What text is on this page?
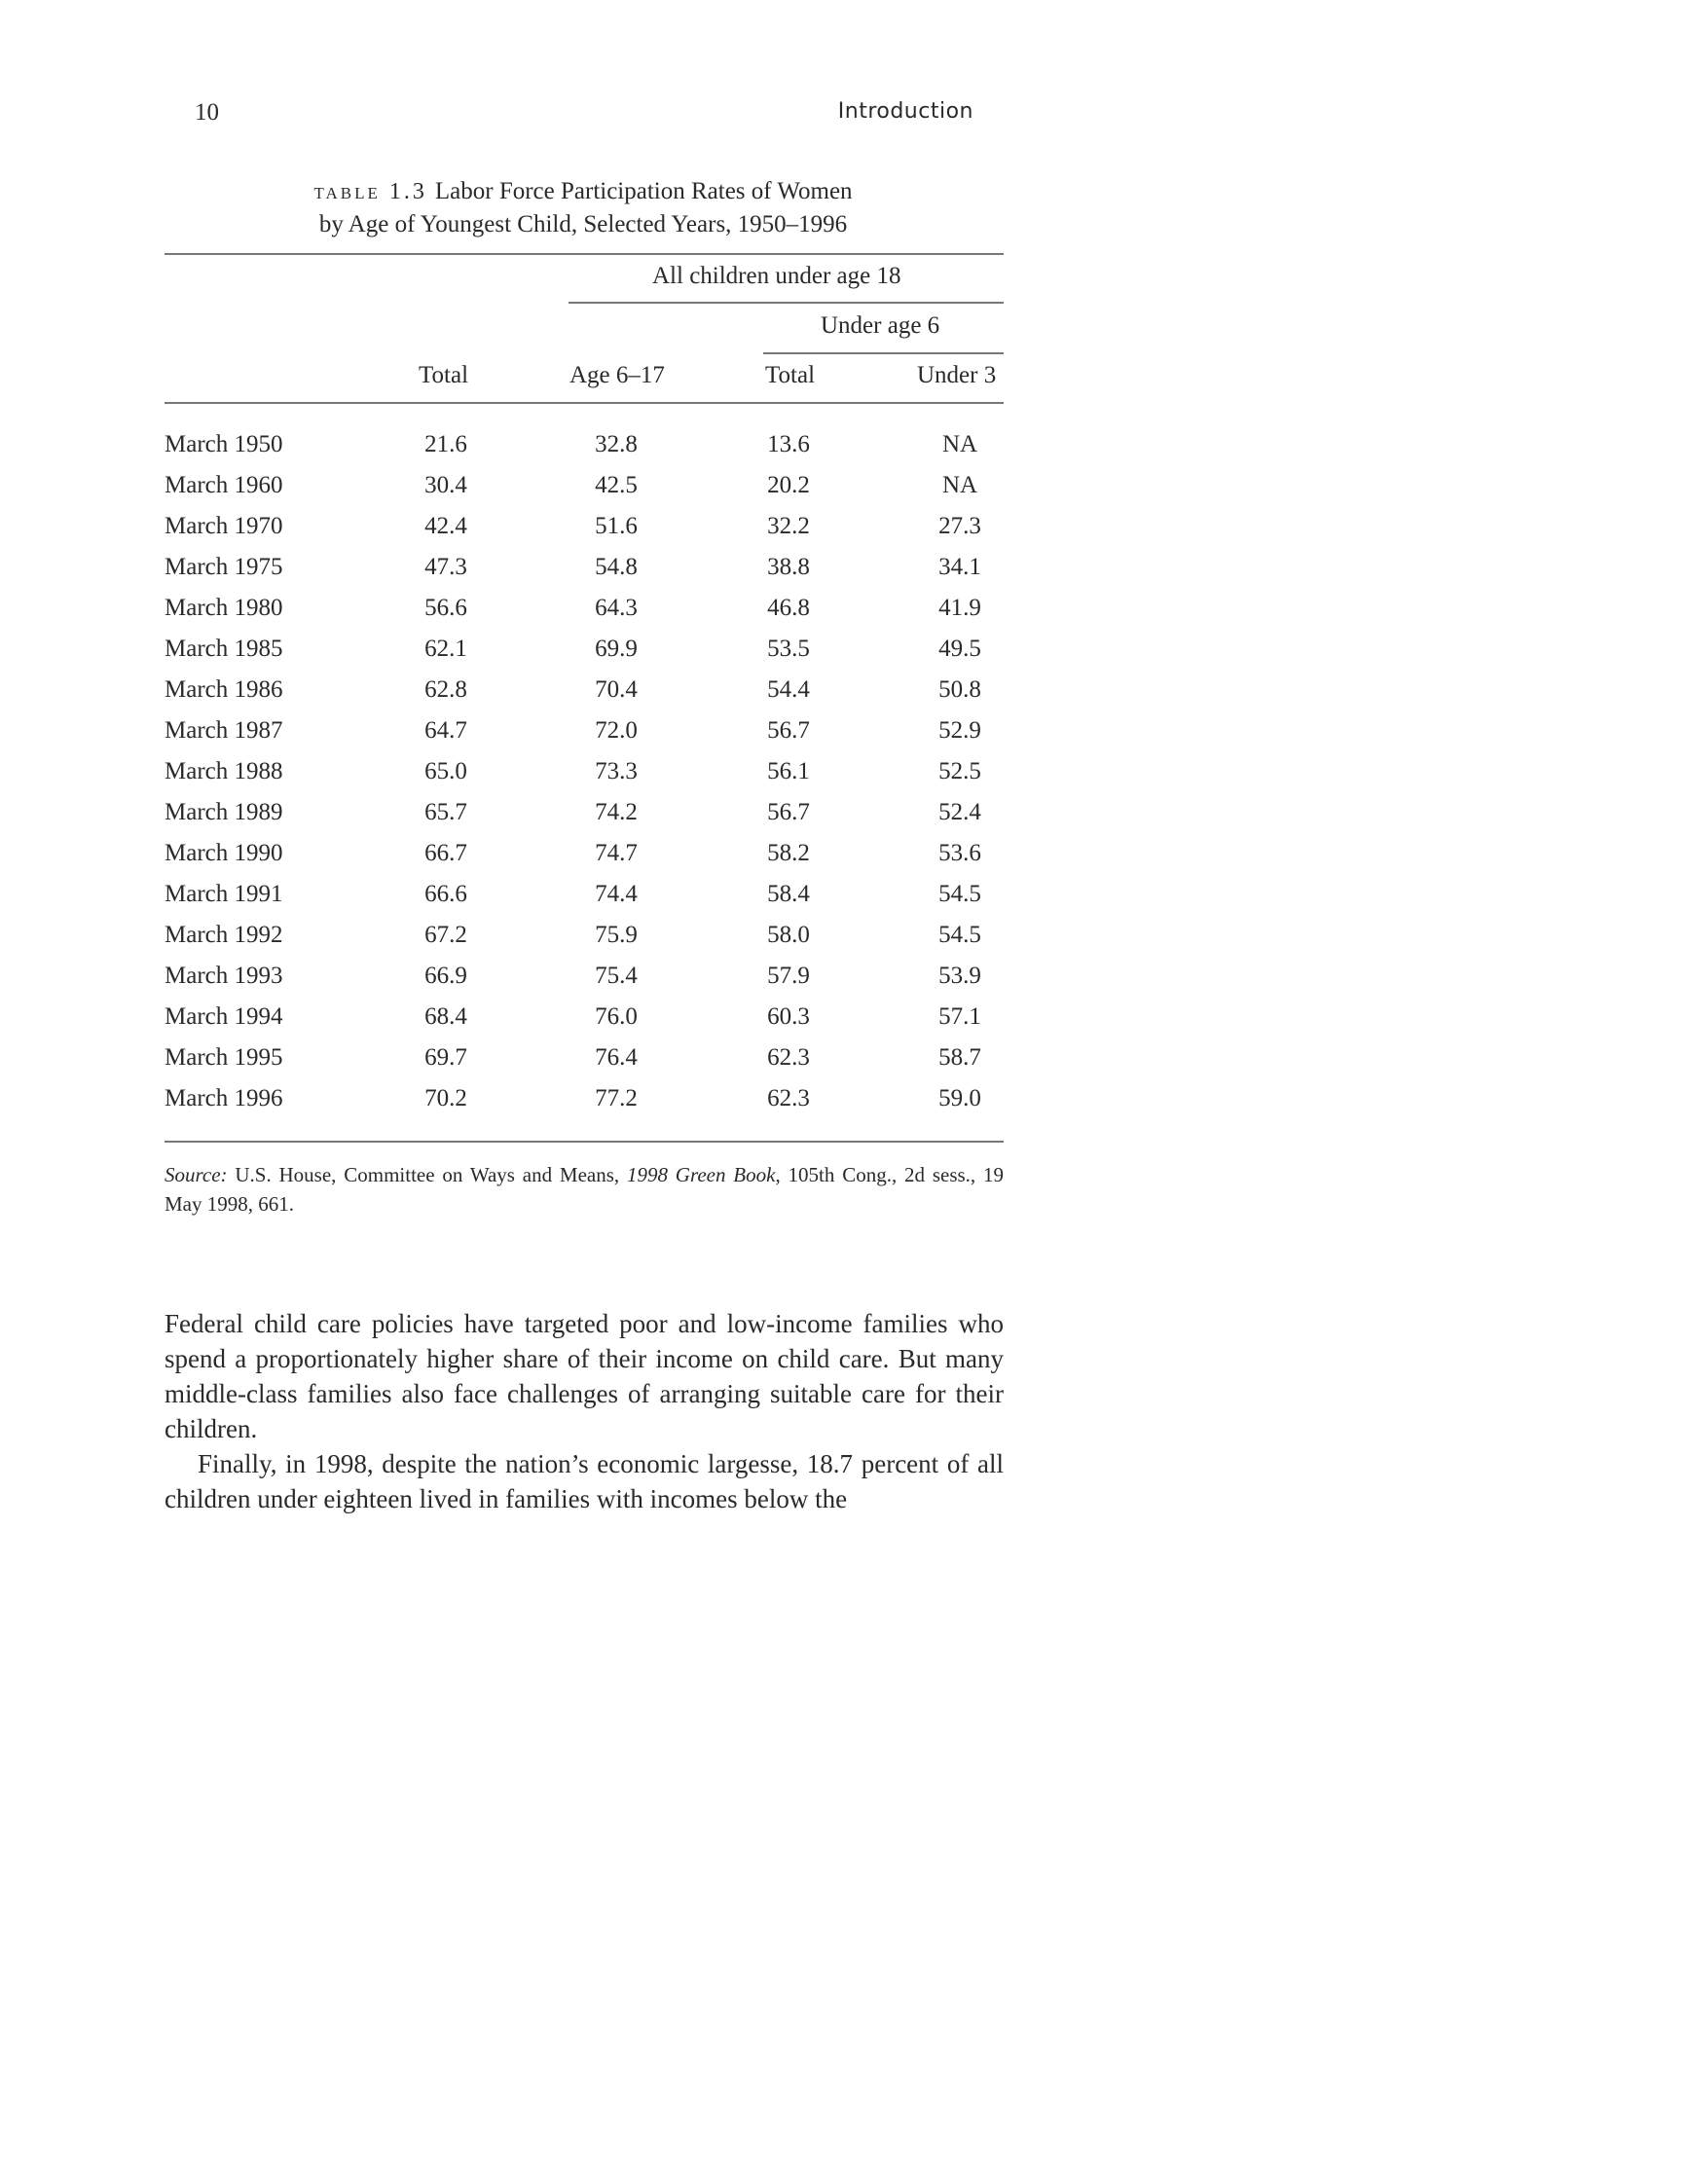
10	Introduction
table 1.3 Labor Force Participation Rates of Women
by Age of Youngest Child, Selected Years, 1950–1996
All children under age 18
Under age 6
Total	Age 6–17	Total	Under 3
March 1950	21.6	32.8	13.6	NA
March 1960	30.4	42.5	20.2	NA
March 1970	42.4	51.6	32.2	27.3
March 1975	47.3	54.8	38.8	34.1
March 1980	56.6	64.3	46.8	41.9
March 1985	62.1	69.9	53.5	49.5
March 1986	62.8	70.4	54.4	50.8
March 1987	64.7	72.0	56.7	52.9
March 1988	65.0	73.3	56.1	52.5
March 1989	65.7	74.2	56.7	52.4
March 1990	66.7	74.7	58.2	53.6
March 1991	66.6	74.4	58.4	54.5
March 1992	67.2	75.9	58.0	54.5
March 1993	66.9	75.4	57.9	53.9
March 1994	68.4	76.0	60.3	57.1
March 1995	69.7	76.4	62.3	58.7
March 1996	70.2	77.2	62.3	59.0
Source: U.S. House, Committee on Ways and Means, 1998 Green Book, 105th Cong., 2d sess., 19 May 1998, 661.

Federal child care policies have targeted poor and low-income families who spend a proportionately higher share of their income on child care. But many middle-class families also face challenges of arranging suitable care for their children.

Finally, in 1998, despite the nation’s economic largesse, 18.7 percent of all children under eighteen lived in families with incomes below the
